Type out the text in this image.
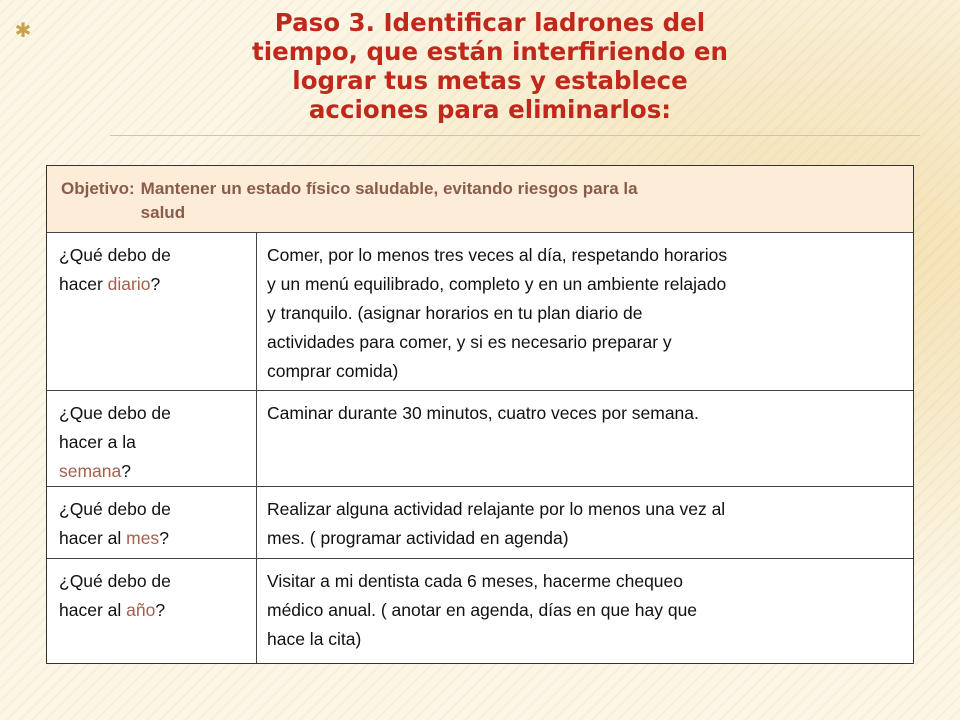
✱	Paso 3. Identificar ladrones del
tiempo, que están interfiriendo en
lograr tus metas y establece
acciones para eliminarlos:
Objetivo: Mantener un estado físico saludable, evitando riesgos para la
salud
¿Qué debo de
hacer diario?
Comer, por lo menos tres veces al día, respetando horarios
y un menú equilibrado, completo y en un ambiente relajado
y tranquilo. (asignar horarios en tu plan diario de
actividades para comer, y si es necesario preparar y
comprar comida)
¿Que debo de
hacer a la
semana?
Caminar durante 30 minutos, cuatro veces por semana.
¿Qué debo de
hacer al mes?
Realizar alguna actividad relajante por lo menos una vez al
mes. ( programar actividad en agenda)
¿Qué debo de
hacer al año?
Visitar a mi dentista cada 6 meses, hacerme chequeo
médico anual. ( anotar en agenda, días en que hay que
hace la cita)
